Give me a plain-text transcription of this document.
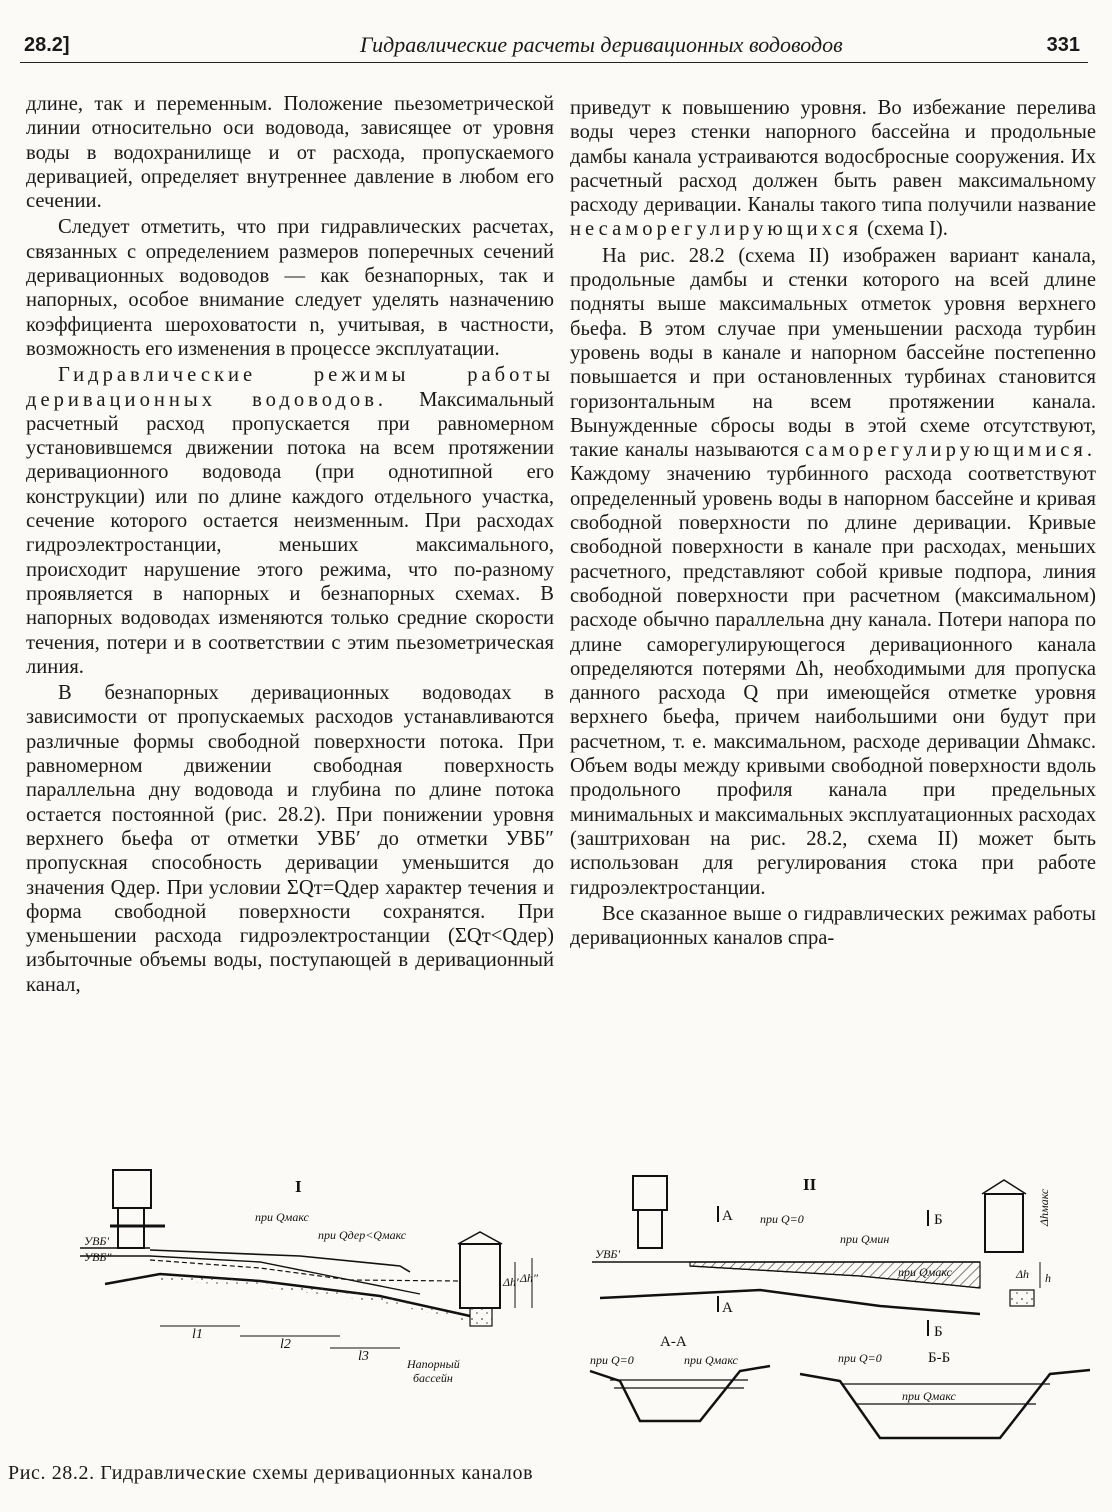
28.2]	Гидравлические расчеты деривационных водоводов	331

длине, так и переменным. Положение пьезометрической линии относительно оси водовода, зависящее от уровня воды в водохранилище и от расхода, пропускаемого деривацией, определяет внутреннее давление в любом его сечении.

Следует отметить, что при гидравлических расчетах, связанных с определением размеров поперечных сечений деривационных водоводов — как безнапорных, так и напорных, особое внимание следует уделять назначению коэффициента шероховатости n, учитывая, в частности, возможность его изменения в процессе эксплуатации.

Гидравлические режимы работы деривационных водоводов. Максимальный расчетный расход пропускается при равномерном установившемся движении потока на всем протяжении деривационного водовода (при однотипной его конструкции) или по длине каждого отдельного участка, сечение которого остается неизменным. При расходах гидроэлектростанции, меньших максимального, происходит нарушение этого режима, что по-разному проявляется в напорных и безнапорных схемах. В напорных водоводах изменяются только средние скорости течения, потери и в соответствии с этим пьезометрическая линия.

В безнапорных деривационных водоводах в зависимости от пропускаемых расходов устанавливаются различные формы свободной поверхности потока. При равномерном движении свободная поверхность параллельна дну водовода и глубина по длине потока остается постоянной (рис. 28.2). При понижении уровня верхнего бьефа от отметки УВБ′ до отметки УВБ″ пропускная способность деривации уменьшится до значения Qдер. При условии ΣQт=Qдер характер течения и форма свободной поверхности сохранятся. При уменьшении расхода гидроэлектростанции (ΣQт<Qдер) избыточные объемы воды, поступающей в деривационный канал,

приведут к повышению уровня. Во избежание перелива воды через стенки напорного бассейна и продольные дамбы канала устраиваются водосбросные сооружения. Их расчетный расход должен быть равен максимальному расходу деривации. Каналы такого типа получили название несаморегулирующихся (схема I).

На рис. 28.2 (схема II) изображен вариант канала, продольные дамбы и стенки которого на всей длине подняты выше максимальных отметок уровня верхнего бьефа. В этом случае при уменьшении расхода турбин уровень воды в канале и напорном бассейне постепенно повышается и при остановленных турбинах становится горизонтальным на всем протяжении канала. Вынужденные сбросы воды в этой схеме отсутствуют, такие каналы называются саморегулирующимися. Каждому значению турбинного расхода соответствуют определенный уровень воды в напорном бассейне и кривая свободной поверхности по длине деривации. Кривые свободной поверхности в канале при расходах, меньших расчетного, представляют собой кривые подпора, линия свободной поверхности при расчетном (максимальном) расходе обычно параллельна дну канала. Потери напора по длине саморегулирующегося деривационного канала определяются потерями Δh, необходимыми для пропуска данного расхода Q при имеющейся отметке уровня верхнего бьефа, причем наибольшими они будут при расчетном, т. е. максимальном, расходе деривации Δhмакс. Объем воды между кривыми свободной поверхности вдоль продольного профиля канала при предельных минимальных и максимальных эксплуатационных расходах (заштрихован на рис. 28.2, схема II) может быть использован для регулирования стока при работе гидроэлектростанции.

Все сказанное выше о гидравлических режимах работы деривационных каналов спра-

I
УВБ′
УВБ″
при Qмакс
при Qдер<Qмакс
Δh′ Δh″
l1
l2
l3	Напорный
бассейн
II
УВБ′
при Q=0
при Qмин
при Qмакс
A
A
Б
Б
Δh h
Δhмакс
А-А
при Q=0	при Qмакс	Б-Б
при Q=0
при Qмакс
Рис. 28.2. Гидравлические схемы деривационных каналов
